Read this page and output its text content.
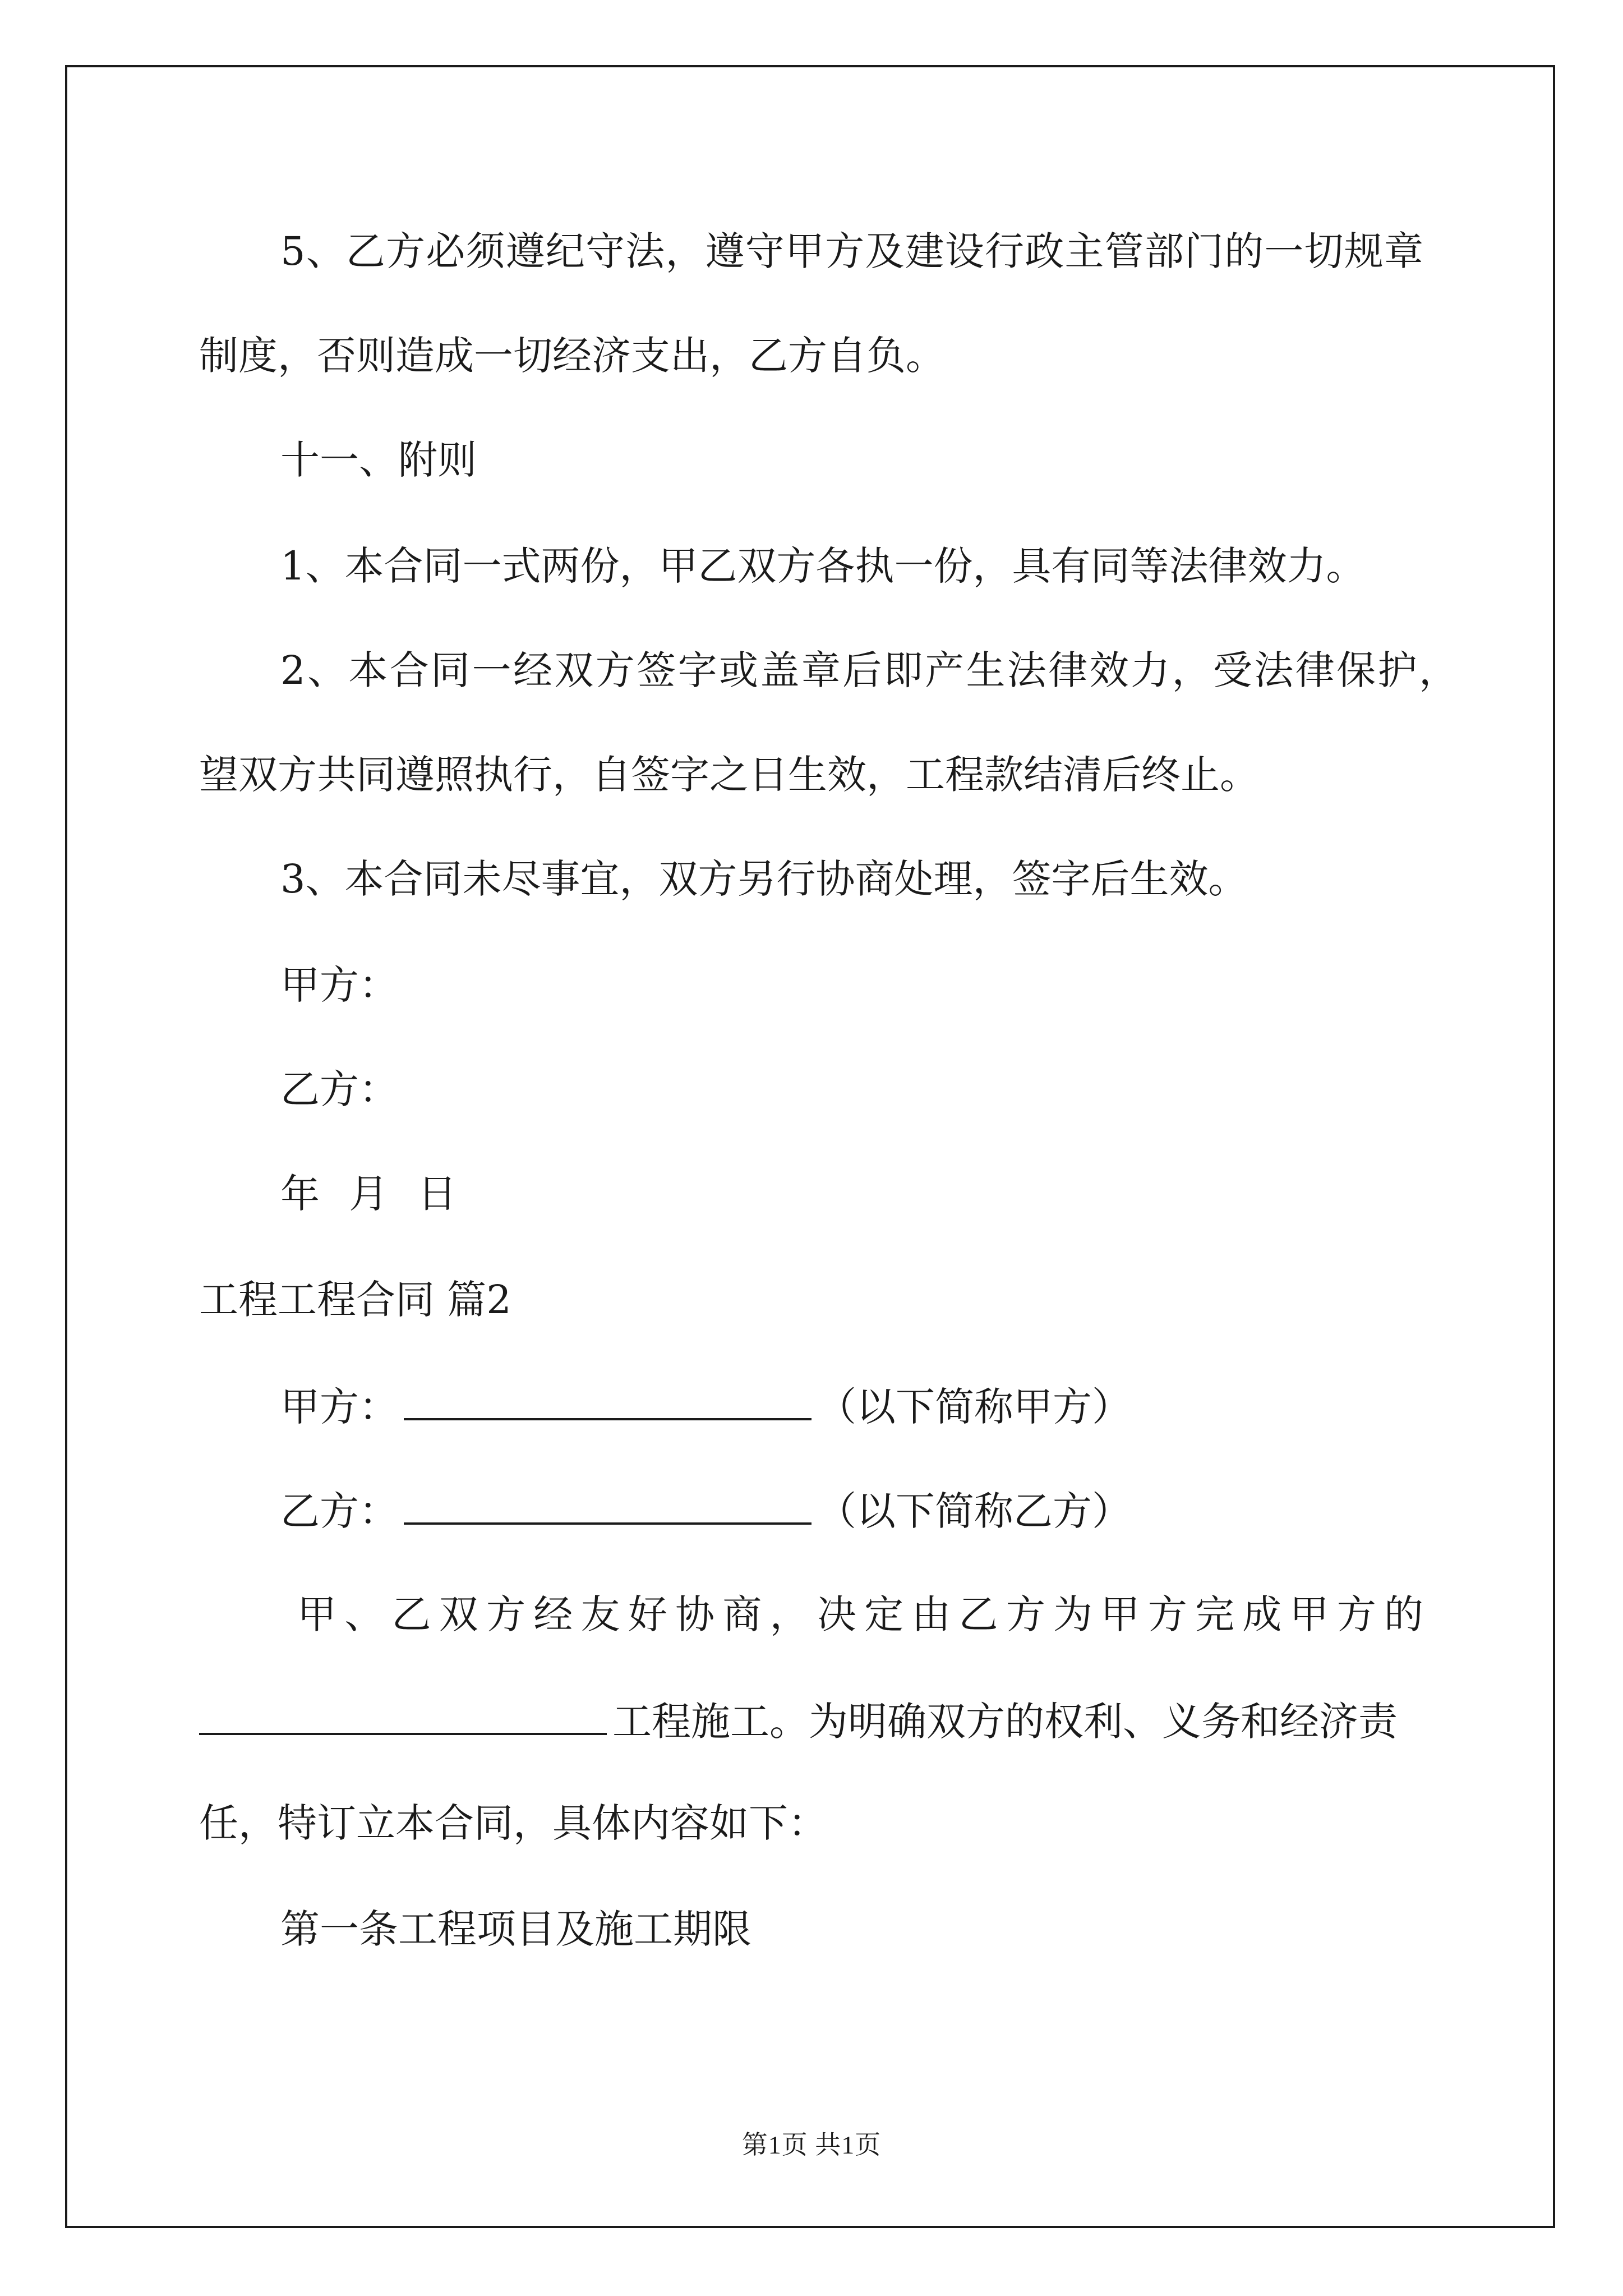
5、乙方必须遵纪守法，遵守甲方及建设行政主管部门的一切规章
制度，否则造成一切经济支出，乙方自负。
十一、附则
1、本合同一式两份，甲乙双方各执一份，具有同等法律效力。
2、本合同一经双方签字或盖章后即产生法律效力，受法律保护，
望双方共同遵照执行，自签字之日生效，工程款结清后终止。
3、本合同未尽事宜，双方另行协商处理，签字后生效。
甲方：
乙方：
年 月 日
工程工程合同 篇2
甲方：	（以下简称甲方）
乙方：	（以下简称乙方）
甲、乙双方经友好协商，决定由乙方为甲方完成甲方的
工程施工。为明确双方的权利、义务和经济责
任，特订立本合同，具体内容如下：
第一条工程项目及施工期限
第1页 共1页
